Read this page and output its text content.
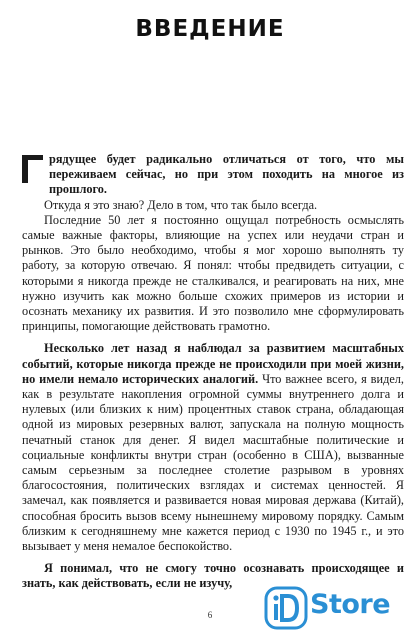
ВВЕДЕНИЕ

рядущее будет радикально отличаться от того, что мы переживаем сейчас, но при этом походить на многое из прошлого.

Откуда я это знаю? Дело в том, что так было всегда.

Последние 50 лет я постоянно ощущал потребность осмыслять самые важные факторы, влияющие на успех или неудачи стран и рынков. Это было необходимо, чтобы я мог хорошо выполнять ту работу, за которую отвечаю. Я понял: чтобы предвидеть ситуации, с которыми я никогда прежде не сталкивался, и реагировать на них, мне нужно изучить как можно больше схожих примеров из истории и осознать механику их развития. И это позволило мне сформулировать принципы, помогающие действовать грамотно.

Несколько лет назад я наблюдал за развитием масштабных событий, которые никогда прежде не происходили при моей жизни, но имели немало исторических аналогий. Что важнее всего, я видел, как в результате накопления огромной суммы внутреннего долга и нулевых (или близких к ним) процентных ставок страна, обладающая одной из мировых резервных валют, запускала на полную мощность печатный станок для денег. Я видел масштабные политические и социальные конфликты внутри стран (особенно в США), вызванные самым серьезным за последнее столетие разрывом в уровнях благосостояния, политических взглядах и системах ценностей. Я замечал, как появляется и развивается новая мировая держава (Китай), способная бросить вызов всему нынешнему мировому порядку. Самым близким к сегодняшнему мне кажется период с 1930 по 1945 г., и это вызывает у меня немалое беспокойство.

Я понимал, что не смогу точно осознавать происходящее и знать, как действовать, если не изучу,

6	Store
